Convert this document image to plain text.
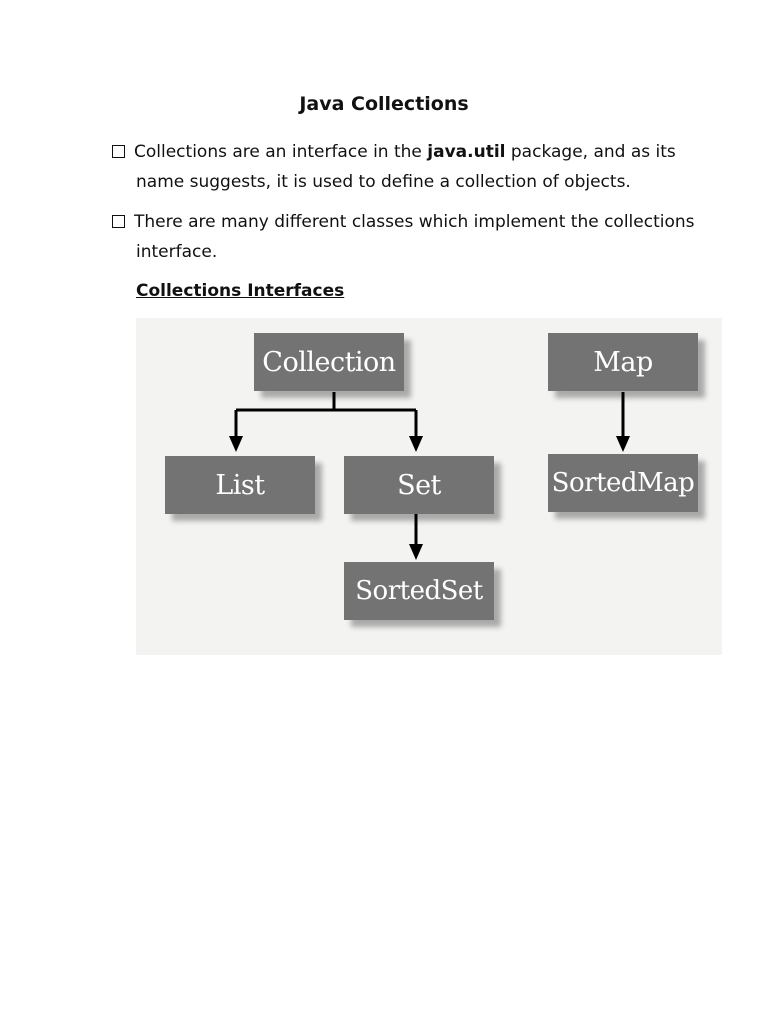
Java Collections
Collections are an interface in the java.util package, and as its
name suggests, it is used to define a collection of objects.
There are many different classes which implement the collections
interface.
Collections Interfaces
Collection	Map
List	Set	SortedMap
SortedSet
